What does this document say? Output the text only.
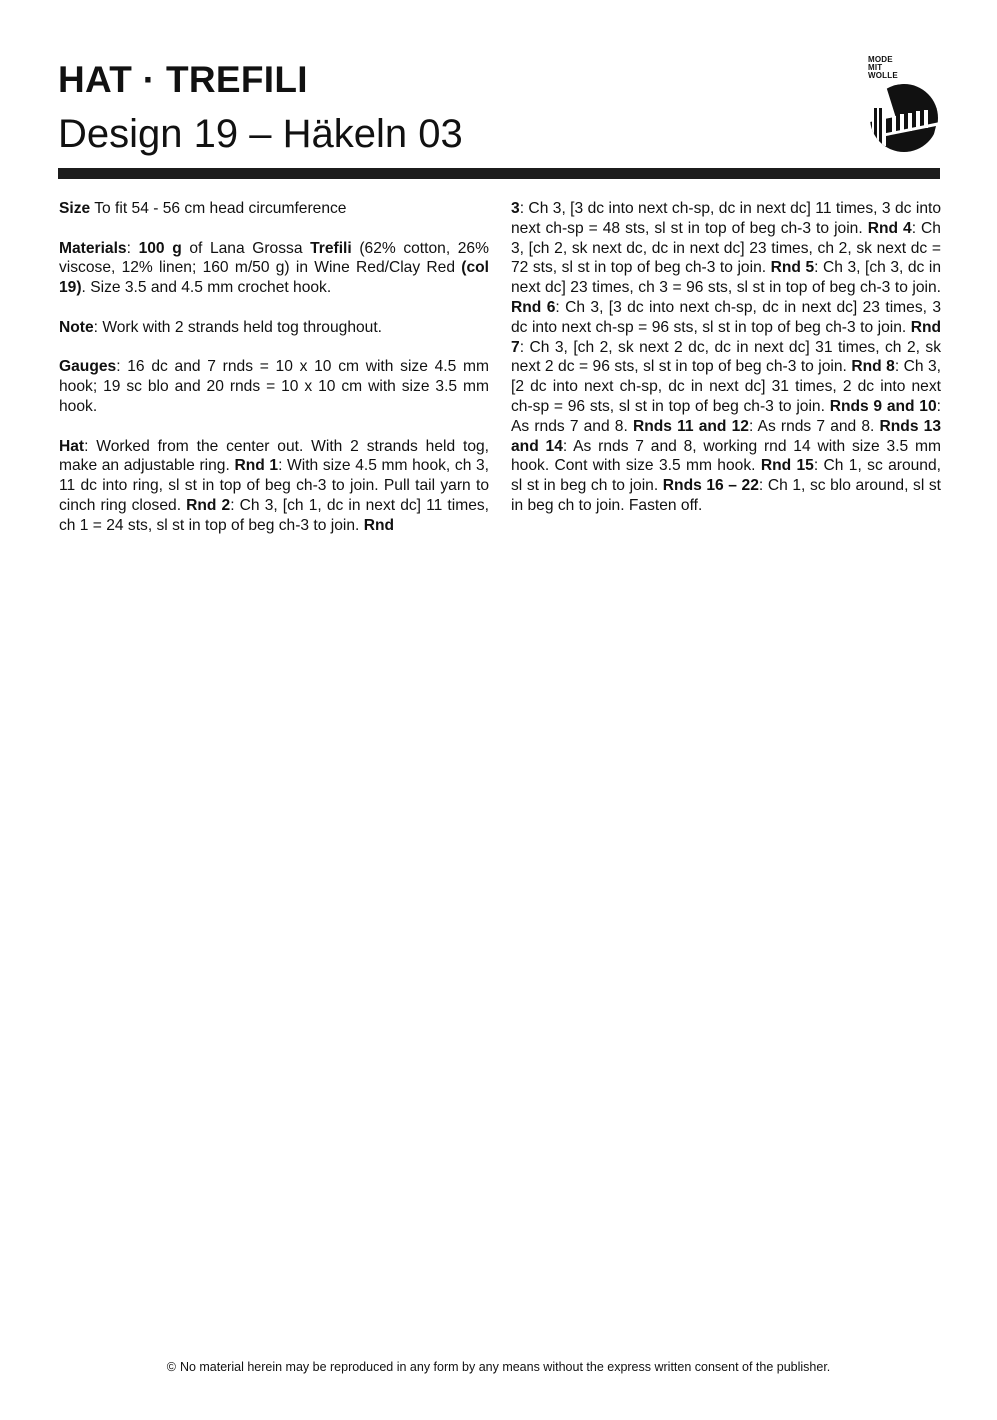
HAT · TREFILI
Design 19 – Häkeln 03
MODE
MIT
WOLLE

Size To fit 54 - 56 cm head circumference

Materials: 100 g of Lana Grossa Trefili (62% cotton, 26% viscose, 12% linen; 160 m/50 g) in Wine Red/Clay Red (col 19). Size 3.5 and 4.5 mm crochet hook.

Note: Work with 2 strands held tog throughout.

Gauges: 16 dc and 7 rnds = 10 x 10 cm with size 4.5 mm hook; 19 sc blo and 20 rnds = 10 x 10 cm with size 3.5 mm hook.

Hat: Worked from the center out. With 2 strands held tog, make an adjustable ring. Rnd 1: With size 4.5 mm hook, ch 3, 11 dc into ring, sl st in top of beg ch-3 to join. Pull tail yarn to cinch ring closed. Rnd 2: Ch 3, [ch 1, dc in next dc] 11 times, ch 1 = 24 sts, sl st in top of beg ch-3 to join. Rnd

3: Ch 3, [3 dc into next ch-sp, dc in next dc] 11 times, 3 dc into next ch-sp = 48 sts, sl st in top of beg ch-3 to join. Rnd 4: Ch 3, [ch 2, sk next dc, dc in next dc] 23 times, ch 2, sk next dc = 72 sts, sl st in top of beg ch-3 to join. Rnd 5: Ch 3, [ch 3, dc in next dc] 23 times, ch 3 = 96 sts, sl st in top of beg ch-3 to join. Rnd 6: Ch 3, [3 dc into next ch-sp, dc in next dc] 23 times, 3 dc into next ch-sp = 96 sts, sl st in top of beg ch-3 to join. Rnd 7: Ch 3, [ch 2, sk next 2 dc, dc in next dc] 31 times, ch 2, sk next 2 dc = 96 sts, sl st in top of beg ch-3 to join. Rnd 8: Ch 3, [2 dc into next ch-sp, dc in next dc] 31 times, 2 dc into next ch-sp = 96 sts, sl st in top of beg ch-3 to join. Rnds 9 and 10: As rnds 7 and 8. Rnds 11 and 12: As rnds 7 and 8. Rnds 13 and 14: As rnds 7 and 8, working rnd 14 with size 3.5 mm hook. Cont with size 3.5 mm hook. Rnd 15: Ch 1, sc around, sl st in beg ch to join. Rnds 16 – 22: Ch 1, sc blo around, sl st in beg ch to join. Fasten off.

© No material herein may be reproduced in any form by any means without the express written consent of the publisher.
